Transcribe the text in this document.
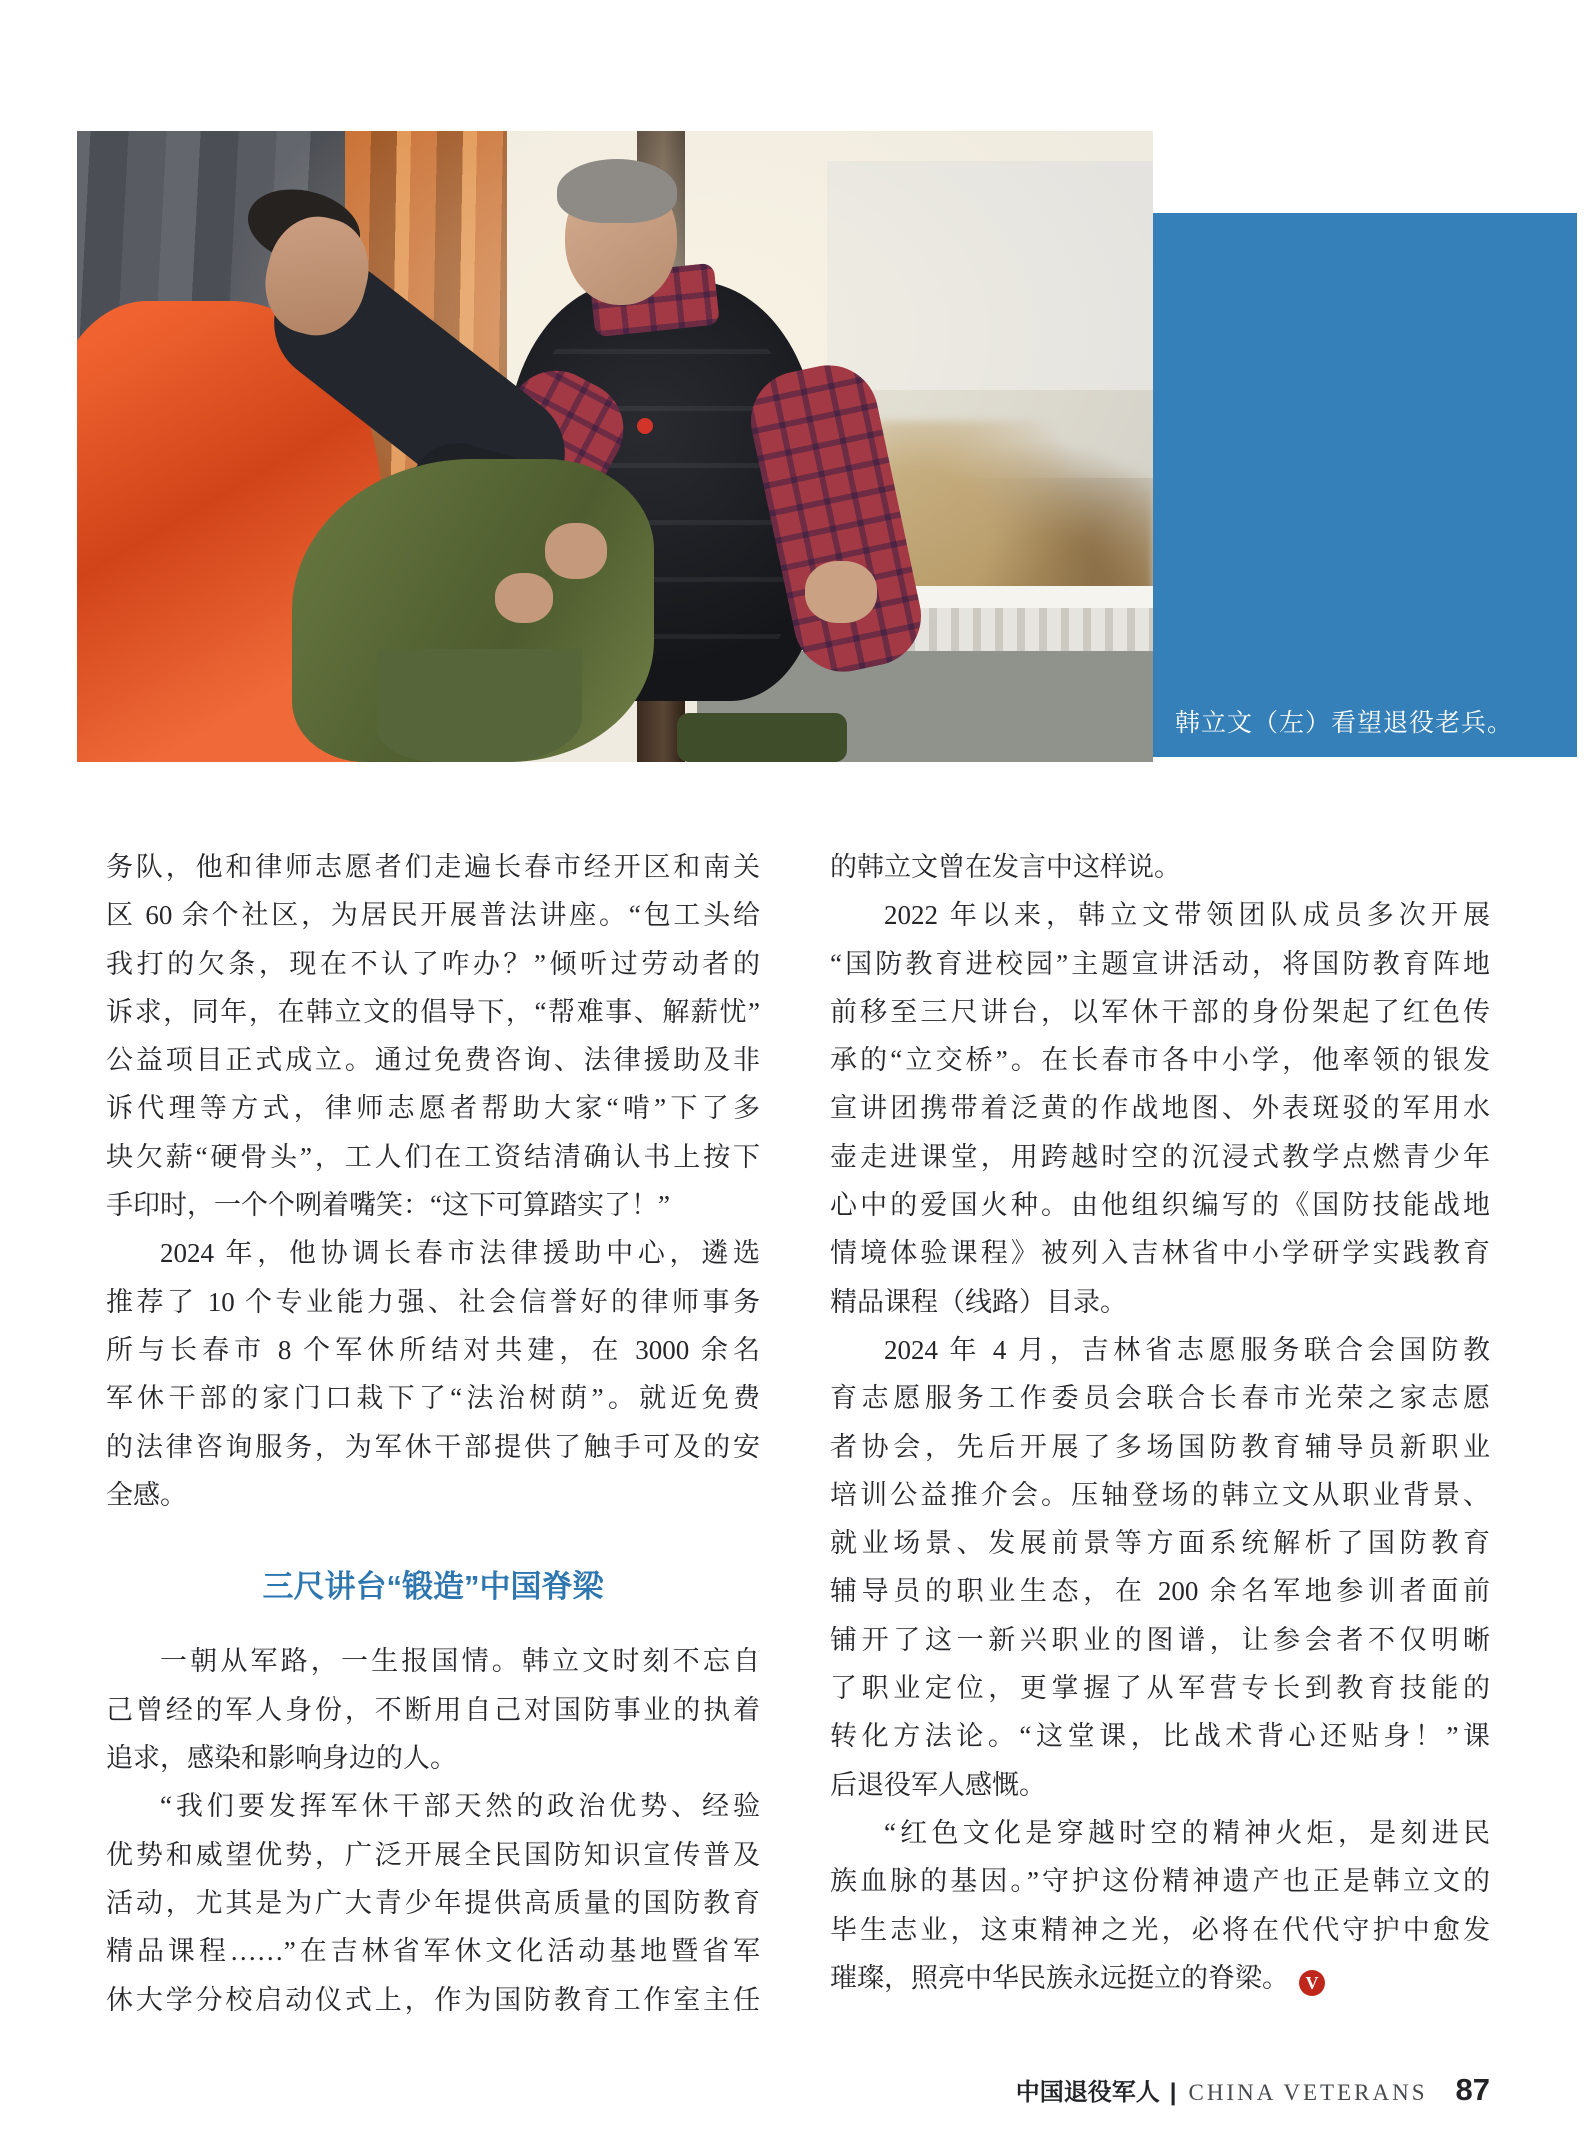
韩立文（左）看望退役老兵。
务队，他和律师志愿者们走遍长春市经开区和南关
区 60 余个社区，为居民开展普法讲座。“包工头给
我打的欠条，现在不认了咋办？”倾听过劳动者的
诉求，同年，在韩立文的倡导下，“帮难事、解薪忧”
公益项目正式成立。通过免费咨询、法律援助及非
诉代理等方式，律师志愿者帮助大家“啃”下了多
块欠薪“硬骨头”，工人们在工资结清确认书上按下
手印时，一个个咧着嘴笑：“这下可算踏实了！”
2024 年，他协调长春市法律援助中心，遴选
推荐了 10 个专业能力强、社会信誉好的律师事务
所与长春市 8 个军休所结对共建，在 3000 余名
军休干部的家门口栽下了“法治树荫”。就近免费
的法律咨询服务，为军休干部提供了触手可及的安
全感。
三尺讲台“锻造”中国脊梁
一朝从军路，一生报国情。韩立文时刻不忘自
己曾经的军人身份，不断用自己对国防事业的执着
追求，感染和影响身边的人。
“我们要发挥军休干部天然的政治优势、经验
优势和威望优势，广泛开展全民国防知识宣传普及
活动，尤其是为广大青少年提供高质量的国防教育
精品课程……”在吉林省军休文化活动基地暨省军
休大学分校启动仪式上，作为国防教育工作室主任
的韩立文曾在发言中这样说。
2022 年以来，韩立文带领团队成员多次开展
“国防教育进校园”主题宣讲活动，将国防教育阵地
前移至三尺讲台，以军休干部的身份架起了红色传
承的“立交桥”。在长春市各中小学，他率领的银发
宣讲团携带着泛黄的作战地图、外表斑驳的军用水
壶走进课堂，用跨越时空的沉浸式教学点燃青少年
心中的爱国火种。由他组织编写的《国防技能战地
情境体验课程》被列入吉林省中小学研学实践教育
精品课程（线路）目录。
2024 年 4 月，吉林省志愿服务联合会国防教
育志愿服务工作委员会联合长春市光荣之家志愿
者协会，先后开展了多场国防教育辅导员新职业
培训公益推介会。压轴登场的韩立文从职业背景、
就业场景、发展前景等方面系统解析了国防教育
辅导员的职业生态，在 200 余名军地参训者面前
铺开了这一新兴职业的图谱，让参会者不仅明晰
了职业定位，更掌握了从军营专长到教育技能的
转化方法论。“这堂课，比战术背心还贴身！”课
后退役军人感慨。
“红色文化是穿越时空的精神火炬，是刻进民
族血脉的基因。”守护这份精神遗产也正是韩立文的
毕生志业，这束精神之光，必将在代代守护中愈发
璀璨，照亮中华民族永远挺立的脊梁。 V
中国退役军人 | CHINA VETERANS 87
